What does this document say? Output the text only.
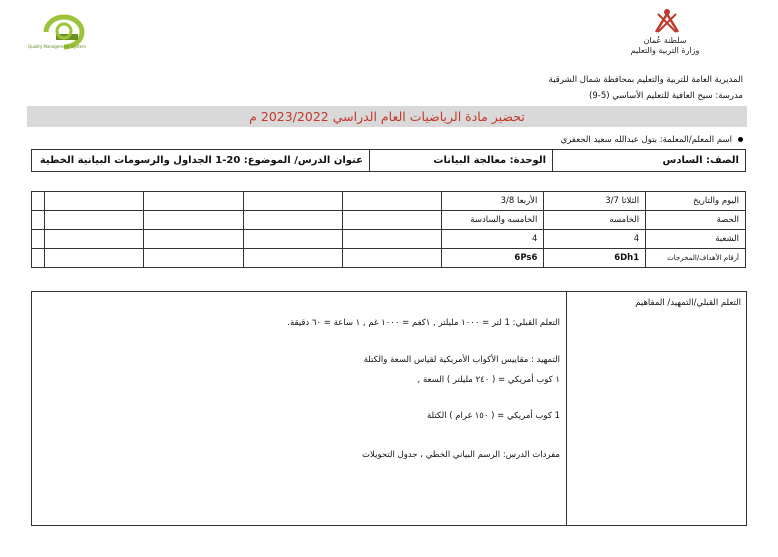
Quality Management System
سلطنة عُمان
وزارة التربية والتعليم
المديرية العامة للتربية والتعليم بمحافظة شمال الشرقية
مدرسة: سيح العافية للتعليم الأساسي (5-9)
تحضير مادة الرياضيات العام الدراسي 2023/2022 م
اسم المعلم/المعلمة: بتول عبدالله سعيد الجعفري
الصف: السادس	الوحدة: معالجة البيانات	عنوان الدرس/ الموضوع: 20-1 الجداول والرسومات البيانية الخطية
اليوم والتاريخ	الثلاثا 3/7	الأربعا 3/8					
الحصة	الخامسه	الخامسه والسادسة					
الشعبة	4	4					
أرقام الأهداف/المخرجات	6Dh1	6Ps6					
التعلم القبلي/التمهيد/ المفاهيم
التعلم القبلي: 1 لتر = ١٠٠٠ مليلتر , ١كغم = ١٠٠٠ غم , ١ ساعة = ٦٠ دقيقة.
التمهيد : مقاييس الأكواب الأمريكية لقياس السعة والكتلة
١ كوب أمريكي = ( ٢٤٠ مليلتر ) السعة ,
1 كوب أمريكي = ( ١٥٠ غرام ) الكتلة
مفردات الدرس: الرسم البياني الخطي ، جدول التحويلات
